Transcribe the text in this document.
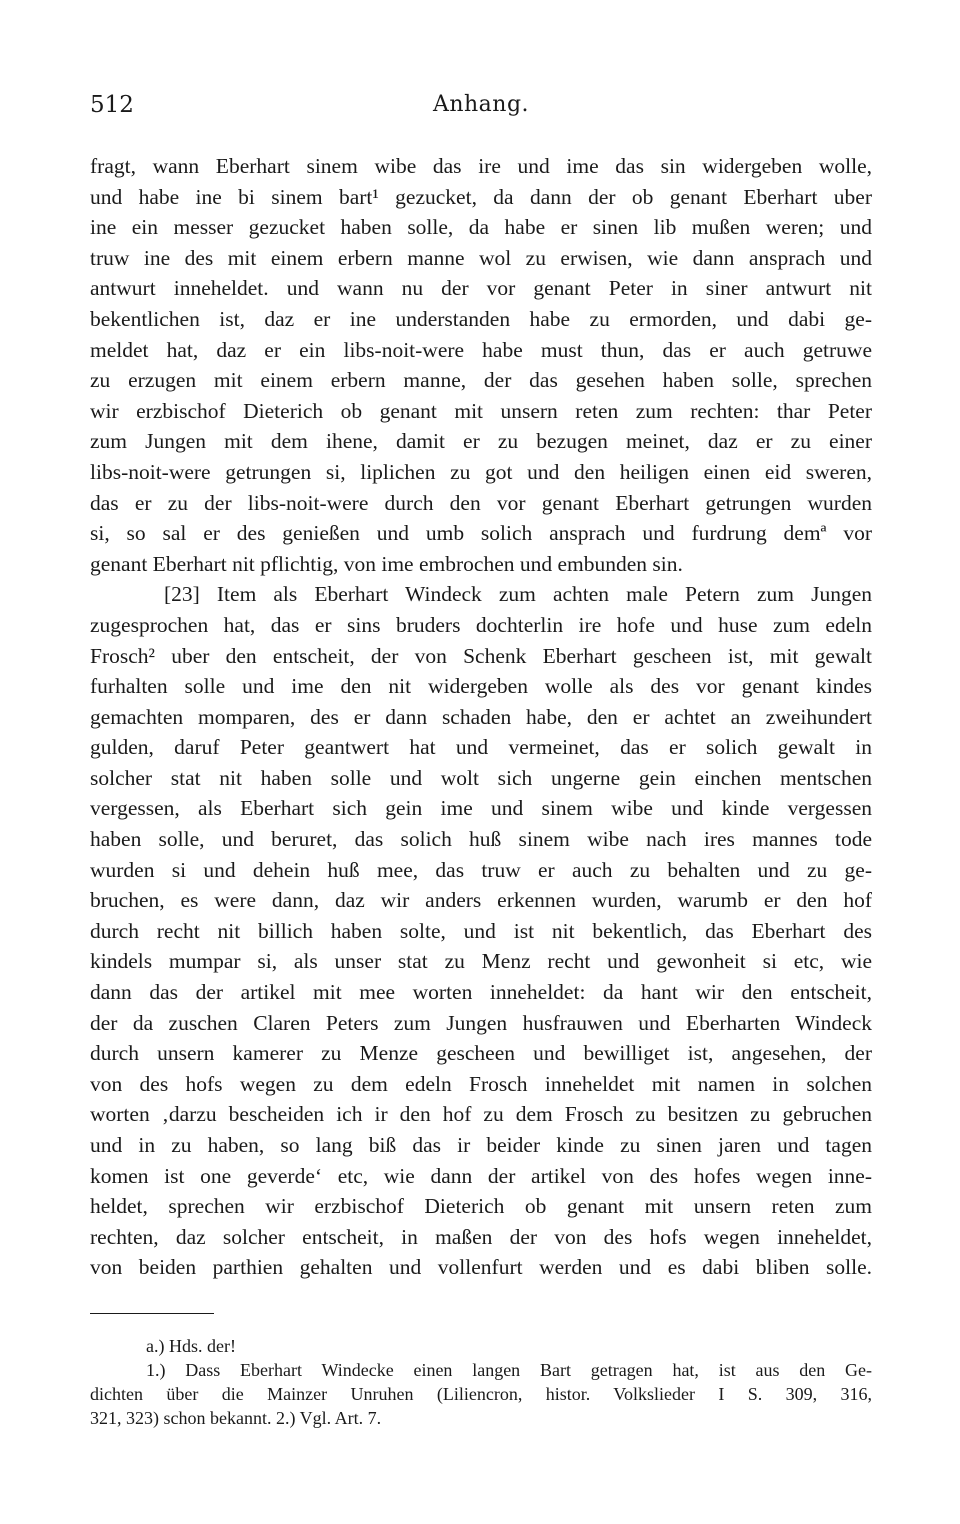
512	Anhang.
fragt, wann Eberhart sinem wibe das ire und ime das sin widergeben wolle,
und habe ine bi sinem bart¹ gezucket, da dann der ob genant Eberhart uber
ine ein messer gezucket haben solle, da habe er sinen lib mußen weren; und
truw ine des mit einem erbern manne wol zu erwisen, wie dann ansprach und
antwurt inneheldet. und wann nu der vor genant Peter in siner antwurt nit
bekentlichen ist, daz er ine understanden habe zu ermorden, und dabi ge-
meldet hat, daz er ein libs-noit-were habe must thun, das er auch getruwe
zu erzugen mit einem erbern manne, der das gesehen haben solle, sprechen
wir erzbischof Dieterich ob genant mit unsern reten zum rechten: thar Peter
zum Jungen mit dem ihene, damit er zu bezugen meinet, daz er zu einer
libs-noit-were getrungen si, liplichen zu got und den heiligen einen eid sweren,
das er zu der libs-noit-were durch den vor genant Eberhart getrungen wurden
si, so sal er des genießen und umb solich ansprach und furdrung demª vor
genant Eberhart nit pflichtig, von ime embrochen und embunden sin.
[23] Item als Eberhart Windeck zum achten male Petern zum Jungen
zugesprochen hat, das er sins bruders dochterlin ire hofe und huse zum edeln
Frosch² uber den entscheit, der von Schenk Eberhart gescheen ist, mit gewalt
furhalten solle und ime den nit widergeben wolle als des vor genant kindes
gemachten momparen, des er dann schaden habe, den er achtet an zweihundert
gulden, daruf Peter geantwert hat und vermeinet, das er solich gewalt in
solcher stat nit haben solle und wolt sich ungerne gein einchen mentschen
vergessen, als Eberhart sich gein ime und sinem wibe und kinde vergessen
haben solle, und beruret, das solich huß sinem wibe nach ires mannes tode
wurden si und dehein huß mee, das truw er auch zu behalten und zu ge-
bruchen, es were dann, daz wir anders erkennen wurden, warumb er den hof
durch recht nit billich haben solte, und ist nit bekentlich, das Eberhart des
kindels mumpar si, als unser stat zu Menz recht und gewonheit si etc, wie
dann das der artikel mit mee worten inneheldet: da hant wir den entscheit,
der da zuschen Claren Peters zum Jungen husfrauwen und Eberharten Windeck
durch unsern kamerer zu Menze gescheen und bewilliget ist, angesehen, der
von des hofs wegen zu dem edeln Frosch inneheldet mit namen in solchen
worten ‚darzu bescheiden ich ir den hof zu dem Frosch zu besitzen zu gebruchen
und in zu haben, so lang biß das ir beider kinde zu sinen jaren und tagen
komen ist one geverde‘ etc, wie dann der artikel von des hofes wegen inne-
heldet, sprechen wir erzbischof Dieterich ob genant mit unsern reten zum
rechten, daz solcher entscheit, in maßen der von des hofs wegen inneheldet,
von beiden parthien gehalten und vollenfurt werden und es dabi bliben solle.
a.) Hds. der!
1.) Dass Eberhart Windecke einen langen Bart getragen hat, ist aus den Ge-
dichten über die Mainzer Unruhen (Liliencron, histor. Volkslieder I S. 309, 316,
321, 323) schon bekannt. 2.) Vgl. Art. 7.
